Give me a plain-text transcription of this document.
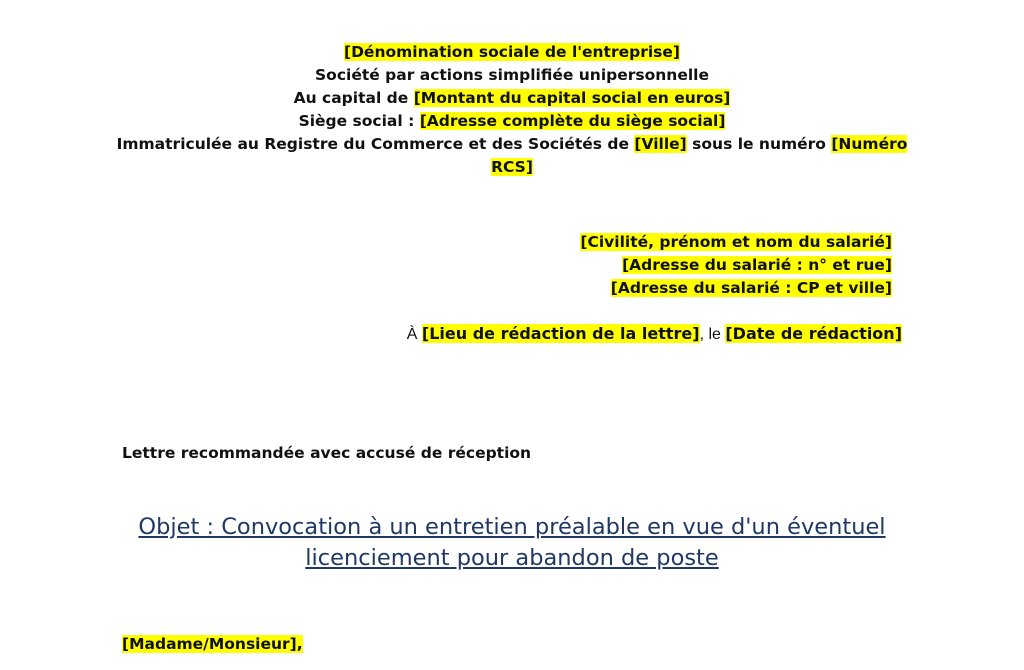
[Dénomination sociale de l'entreprise]
Société par actions simplifiée unipersonnelle
Au capital de [Montant du capital social en euros]
Siège social : [Adresse complète du siège social]
Immatriculée au Registre du Commerce et des Sociétés de [Ville] sous le numéro [Numéro RCS]
[Civilité, prénom et nom du salarié]
[Adresse du salarié : n° et rue]
[Adresse du salarié : CP et ville]
À [Lieu de rédaction de la lettre], le [Date de rédaction]
Lettre recommandée avec accusé de réception
Objet : Convocation à un entretien préalable en vue d'un éventuel licenciement pour abandon de poste
[Madame/Monsieur],
